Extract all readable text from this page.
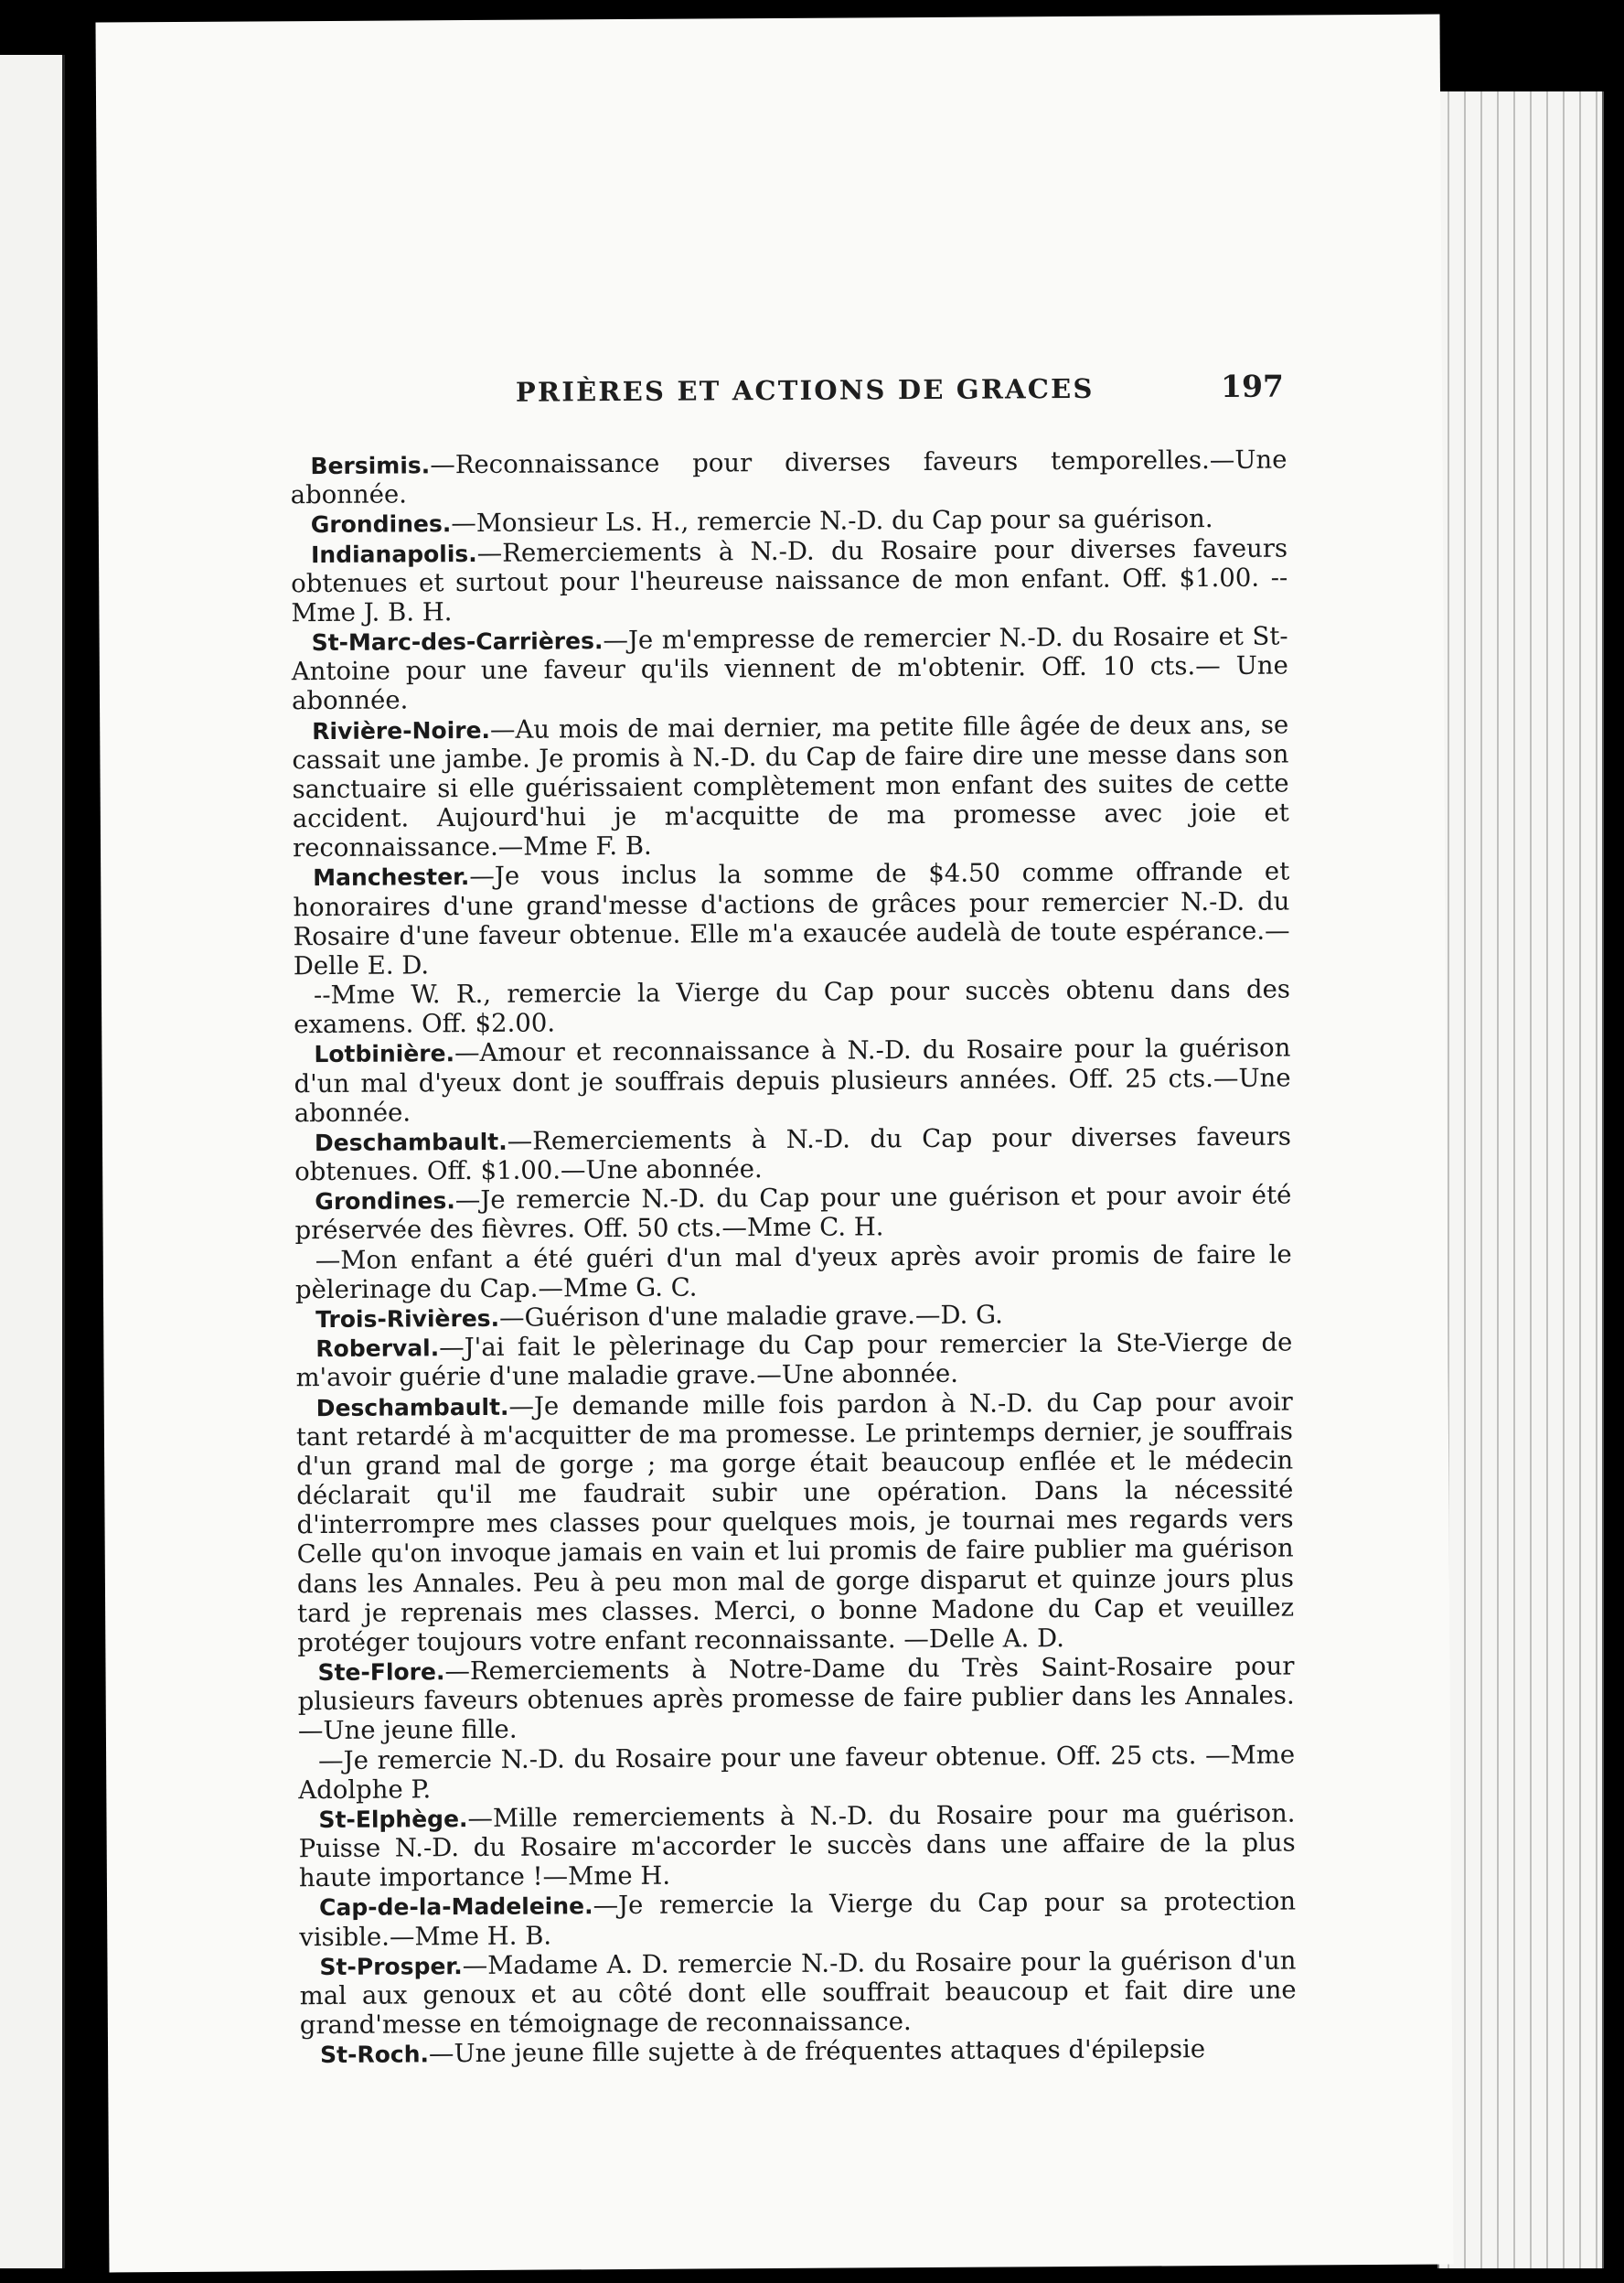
PRIÈRES ET ACTIONS DE GRACES	197

Bersimis.—Reconnaissance pour diverses faveurs temporelles.—Une abonnée.

Grondines.—Monsieur Ls. H., remercie N.-D. du Cap pour sa guérison.

Indianapolis.—Remerciements à N.-D. du Rosaire pour diverses faveurs obtenues et surtout pour l'heureuse naissance de mon enfant. Off. $1.00. --Mme J. B. H.

St-Marc-des-Carrières.—Je m'empresse de remercier N.-D. du Rosaire et St-Antoine pour une faveur qu'ils viennent de m'obtenir. Off. 10 cts.— Une abonnée.

Rivière-Noire.—Au mois de mai dernier, ma petite fille âgée de deux ans, se cassait une jambe. Je promis à N.-D. du Cap de faire dire une messe dans son sanctuaire si elle guérissaient complètement mon enfant des suites de cette accident. Aujourd'hui je m'acquitte de ma promesse avec joie et reconnaissance.—Mme F. B.

Manchester.—Je vous inclus la somme de $4.50 comme offrande et honoraires d'une grand'messe d'actions de grâces pour remercier N.-D. du Rosaire d'une faveur obtenue. Elle m'a exaucée audelà de toute espérance.—Delle E. D.

--Mme W. R., remercie la Vierge du Cap pour succès obtenu dans des examens. Off. $2.00.

Lotbinière.—Amour et reconnaissance à N.-D. du Rosaire pour la guérison d'un mal d'yeux dont je souffrais depuis plusieurs années. Off. 25 cts.—Une abonnée.

Deschambault.—Remerciements à N.-D. du Cap pour diverses faveurs obtenues. Off. $1.00.—Une abonnée.

Grondines.—Je remercie N.-D. du Cap pour une guérison et pour avoir été préservée des fièvres. Off. 50 cts.—Mme C. H.

—Mon enfant a été guéri d'un mal d'yeux après avoir promis de faire le pèlerinage du Cap.—Mme G. C.

Trois-Rivières.—Guérison d'une maladie grave.—D. G.

Roberval.—J'ai fait le pèlerinage du Cap pour remercier la Ste-Vierge de m'avoir guérie d'une maladie grave.—Une abonnée.

Deschambault.—Je demande mille fois pardon à N.-D. du Cap pour avoir tant retardé à m'acquitter de ma promesse. Le printemps dernier, je souffrais d'un grand mal de gorge ; ma gorge était beaucoup enflée et le médecin déclarait qu'il me faudrait subir une opération. Dans la nécessité d'interrompre mes classes pour quelques mois, je tournai mes regards vers Celle qu'on invoque jamais en vain et lui promis de faire publier ma guérison dans les Annales. Peu à peu mon mal de gorge disparut et quinze jours plus tard je reprenais mes classes. Merci, o bonne Madone du Cap et veuillez protéger toujours votre enfant reconnaissante. —Delle A. D.

Ste-Flore.—Remerciements à Notre-Dame du Très Saint-Rosaire pour plusieurs faveurs obtenues après promesse de faire publier dans les Annales.—Une jeune fille.

—Je remercie N.-D. du Rosaire pour une faveur obtenue. Off. 25 cts. —Mme Adolphe P.

St-Elphège.—Mille remerciements à N.-D. du Rosaire pour ma guérison. Puisse N.-D. du Rosaire m'accorder le succès dans une affaire de la plus haute importance !—Mme H.

Cap-de-la-Madeleine.—Je remercie la Vierge du Cap pour sa protection visible.—Mme H. B.

St-Prosper.—Madame A. D. remercie N.-D. du Rosaire pour la guérison d'un mal aux genoux et au côté dont elle souffrait beaucoup et fait dire une grand'messe en témoignage de reconnaissance.

St-Roch.—Une jeune fille sujette à de fréquentes attaques d'épilepsie
